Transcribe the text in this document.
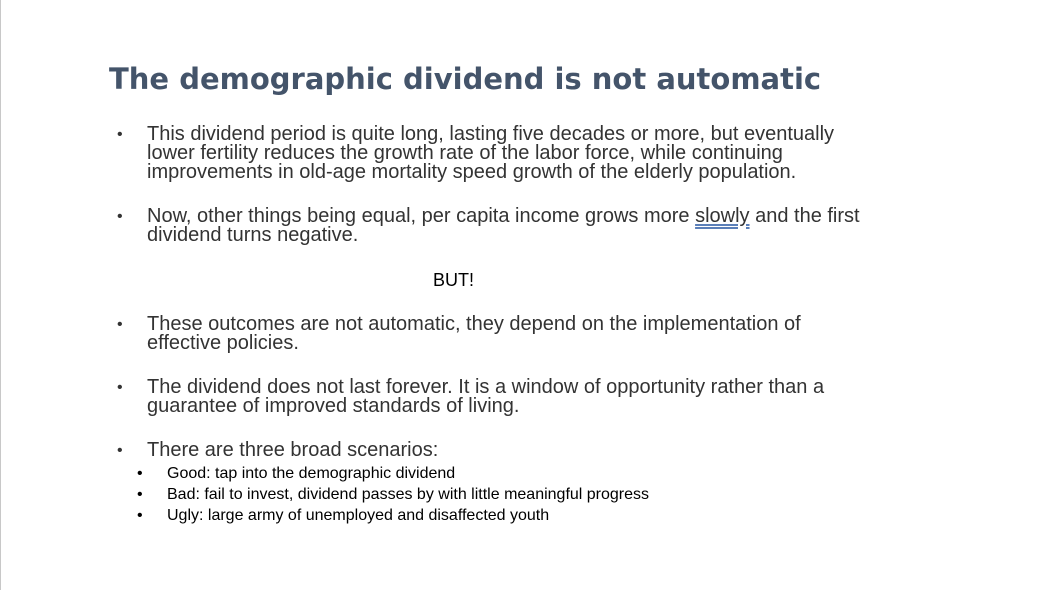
The demographic dividend is not automatic
• This dividend period is quite long, lasting five decades or more, but eventually
lower fertility reduces the growth rate of the labor force, while continuing
improvements in old-age mortality speed growth of the elderly population.
• Now, other things being equal, per capita income grows more slowly and the first
dividend turns negative.
BUT!
• These outcomes are not automatic, they depend on the implementation of
effective policies.
• The dividend does not last forever. It is a window of opportunity rather than a
guarantee of improved standards of living.
• There are three broad scenarios:
• Good: tap into the demographic dividend
• Bad: fail to invest, dividend passes by with little meaningful progress
• Ugly: large army of unemployed and disaffected youth
